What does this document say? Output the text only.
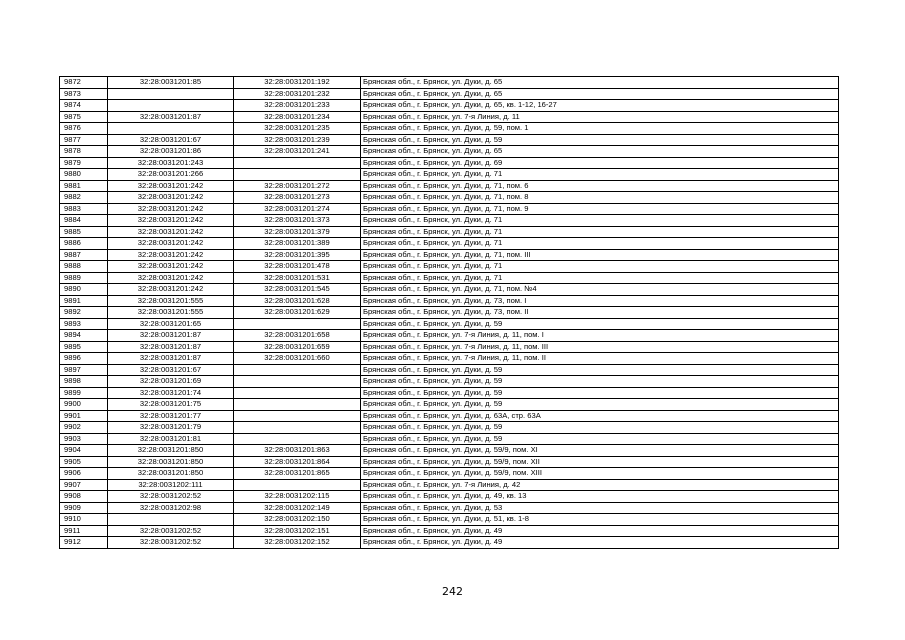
9872	32:28:0031201:85	32:28:0031201:192	Брянская обл., г. Брянск, ул. Дуки, д. 65
9873		32:28:0031201:232	Брянская обл., г. Брянск, ул. Дуки, д. 65
9874		32:28:0031201:233	Брянская обл., г. Брянск, ул. Дуки, д. 65, кв. 1-12, 16-27
9875	32:28:0031201:87	32:28:0031201:234	Брянская обл., г. Брянск, ул. 7-я Линия, д. 11
9876		32:28:0031201:235	Брянская обл., г. Брянск, ул. Дуки, д. 59, пом. 1
9877	32:28:0031201:67	32:28:0031201:239	Брянская обл., г. Брянск, ул. Дуки, д. 59
9878	32:28:0031201:86	32:28:0031201:241	Брянская обл., г. Брянск, ул. Дуки, д. 65
9879	32:28:0031201:243		Брянская обл., г. Брянск, ул. Дуки, д. 69
9880	32:28:0031201:266		Брянская обл., г. Брянск, ул. Дуки, д. 71
9881	32:28:0031201:242	32:28:0031201:272	Брянская обл., г. Брянск, ул. Дуки, д. 71, пом. 6
9882	32:28:0031201:242	32:28:0031201:273	Брянская обл., г. Брянск, ул. Дуки, д. 71, пом. 8
9883	32:28:0031201:242	32:28:0031201:274	Брянская обл., г. Брянск, ул. Дуки, д. 71, пом. 9
9884	32:28:0031201:242	32:28:0031201:373	Брянская обл., г. Брянск, ул. Дуки, д. 71
9885	32:28:0031201:242	32:28:0031201:379	Брянская обл., г. Брянск, ул. Дуки, д. 71
9886	32:28:0031201:242	32:28:0031201:389	Брянская обл., г. Брянск, ул. Дуки, д. 71
9887	32:28:0031201:242	32:28:0031201:395	Брянская обл., г. Брянск, ул. Дуки, д. 71, пом. III
9888	32:28:0031201:242	32:28:0031201:478	Брянская обл., г. Брянск, ул. Дуки, д. 71
9889	32:28:0031201:242	32:28:0031201:531	Брянская обл., г. Брянск, ул. Дуки, д. 71
9890	32:28:0031201:242	32:28:0031201:545	Брянская обл., г. Брянск, ул. Дуки, д. 71, пом. №4
9891	32:28:0031201:555	32:28:0031201:628	Брянская обл., г. Брянск, ул. Дуки, д. 73, пом. I
9892	32:28:0031201:555	32:28:0031201:629	Брянская обл., г. Брянск, ул. Дуки, д. 73, пом. II
9893	32:28:0031201:65		Брянская обл., г. Брянск, ул. Дуки, д. 59
9894	32:28:0031201:87	32:28:0031201:658	Брянская обл., г. Брянск, ул. 7-я Линия, д. 11, пом. I
9895	32:28:0031201:87	32:28:0031201:659	Брянская обл., г. Брянск, ул. 7-я Линия, д. 11, пом. III
9896	32:28:0031201:87	32:28:0031201:660	Брянская обл., г. Брянск, ул. 7-я Линия, д. 11, пом. II
9897	32:28:0031201:67		Брянская обл., г. Брянск, ул. Дуки, д. 59
9898	32:28:0031201:69		Брянская обл., г. Брянск, ул. Дуки, д. 59
9899	32:28:0031201:74		Брянская обл., г. Брянск, ул. Дуки, д. 59
9900	32:28:0031201:75		Брянская обл., г. Брянск, ул. Дуки, д. 59
9901	32:28:0031201:77		Брянская обл., г. Брянск, ул. Дуки, д. 63А, стр. 63А
9902	32:28:0031201:79		Брянская обл., г. Брянск, ул. Дуки, д. 59
9903	32:28:0031201:81		Брянская обл., г. Брянск, ул. Дуки, д. 59
9904	32:28:0031201:850	32:28:0031201:863	Брянская обл., г. Брянск, ул. Дуки, д. 59/9, пом. XI
9905	32:28:0031201:850	32:28:0031201:864	Брянская обл., г. Брянск, ул. Дуки, д. 59/9, пом. XII
9906	32:28:0031201:850	32:28:0031201:865	Брянская обл., г. Брянск, ул. Дуки, д. 59/9, пом. XIII
9907	32:28:0031202:111		Брянская обл., г. Брянск, ул. 7-я Линия, д. 42
9908	32:28:0031202:52	32:28:0031202:115	Брянская обл., г. Брянск, ул. Дуки, д. 49, кв. 13
9909	32:28:0031202:98	32:28:0031202:149	Брянская обл., г. Брянск, ул. Дуки, д. 53
9910		32:28:0031202:150	Брянская обл., г. Брянск, ул. Дуки, д. 51, кв. 1-8
9911	32:28:0031202:52	32:28:0031202:151	Брянская обл., г. Брянск, ул. Дуки, д. 49
9912	32:28:0031202:52	32:28:0031202:152	Брянская обл., г. Брянск, ул. Дуки, д. 49
242
